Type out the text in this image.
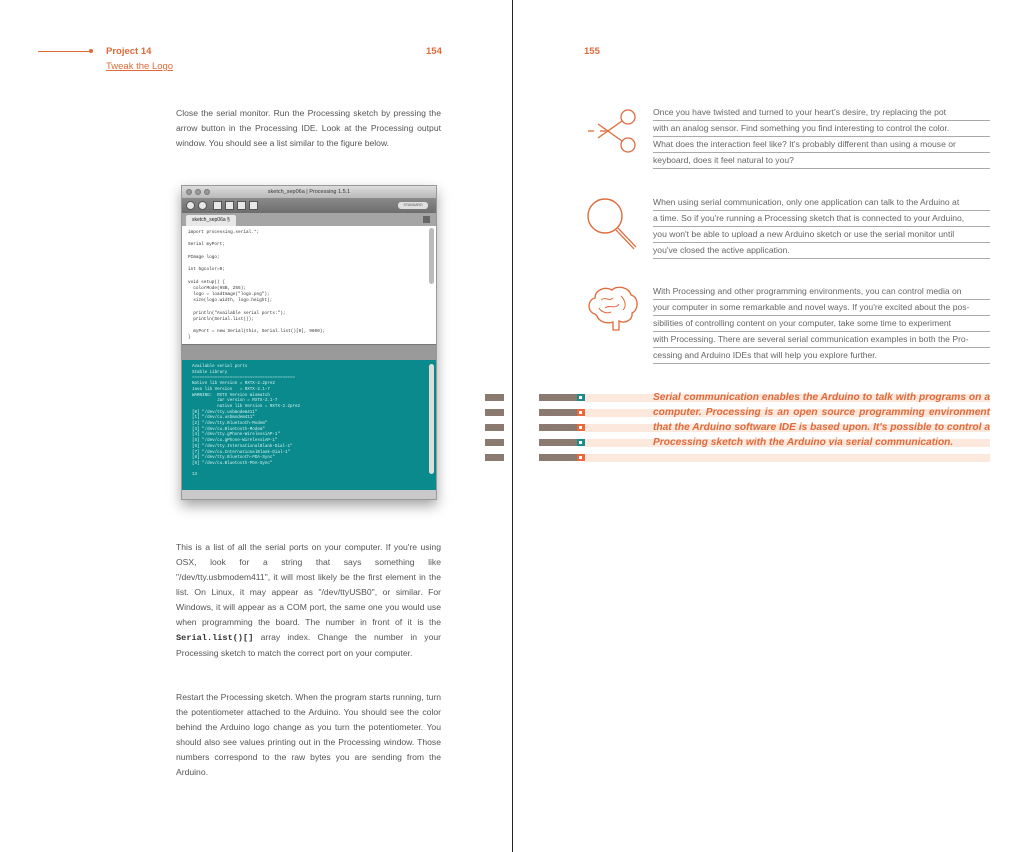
Project 14
Tweak the Logo
154	155

Close the serial monitor. Run the Processing sketch by pressing the arrow button in the Processing IDE. Look at the Processing output window. You should see a list similar to the figure below.

sketch_sep06a | Processing 1.5.1
STANDARD
sketch_sep06a §
import processing.serial.*;

Serial myPort;

PImage logo;

int bgcolor=0;

void setup() {
colorMode(HSB, 255);
logo = loadImage("logo.png");
size(logo.width, logo.height);

println("Available serial ports:");
println(Serial.list());

myPort = new Serial(this, Serial.list()[0], 9600);
}
Available serial ports
Stable Library
=========================================
Native lib Version = RXTX-2.2pre2
Java lib Version   = RXTX-2.1-7
WARNING:  RXTX Version mismatch
Jar version = RXTX-2.1-7
native lib Version = RXTX-2.2pre2
[0] "/dev/tty.usbmodem411"
[1] "/dev/cu.usbmodem411"
[2] "/dev/tty.Bluetooth-Modem"
[3] "/dev/cu.Bluetooth-Modem"
[4] "/dev/tty.gPhone-WirelessiAP-1"
[5] "/dev/cu.gPhone-WirelessiAP-1"
[6] "/dev/tty.InternationalBlank-Dial-1"
[7] "/dev/cu.InternationalBlank-Dial-1"
[8] "/dev/tty.Bluetooth-PDA-Sync"
[9] "/dev/cu.Bluetooth-PDA-Sync"

13

This is a list of all the serial ports on your computer. If you're using OSX, look for a string that says something like "/dev/tty.usbmodem411", it will most likely be the first element in the list. On Linux, it may appear as "/dev/ttyUSB0", or similar. For Windows, it will appear as a COM port, the same one you would use when programming the board. The number in front of it is the Serial.list()[] array index. Change the number in your Processing sketch to match the correct port on your computer.

Restart the Processing sketch. When the program starts running, turn the potentiometer attached to the Arduino. You should see the color behind the Arduino logo change as you turn the potentiometer. You should also see values printing out in the Processing window. Those numbers correspond to the raw bytes you are sending from the Arduino.

Once you have twisted and turned to your heart's desire, try replacing the pot
with an analog sensor. Find something you find interesting to control the color.
What does the interaction feel like? It's probably different than using a mouse or
keyboard, does it feel natural to you?

When using serial communication, only one application can talk to the Arduino at
a time. So if you're running a Processing sketch that is connected to your Arduino,
you won't be able to upload a new Arduino sketch or use the serial monitor until
you've closed the active application.

With Processing and other programming environments, you can control media on
your computer in some remarkable and novel ways. If you're excited about the pos-
sibilities of controlling content on your computer, take some time to experiment
with Processing. There are several serial communication examples in both the Pro-
cessing and Arduino IDEs that will help you explore further.

Serial communication enables the Arduino to talk with programs on a computer. Processing is an open source programming environment that the Arduino software IDE is based upon. It's possible to control a Processing sketch with the Arduino via serial communication.
